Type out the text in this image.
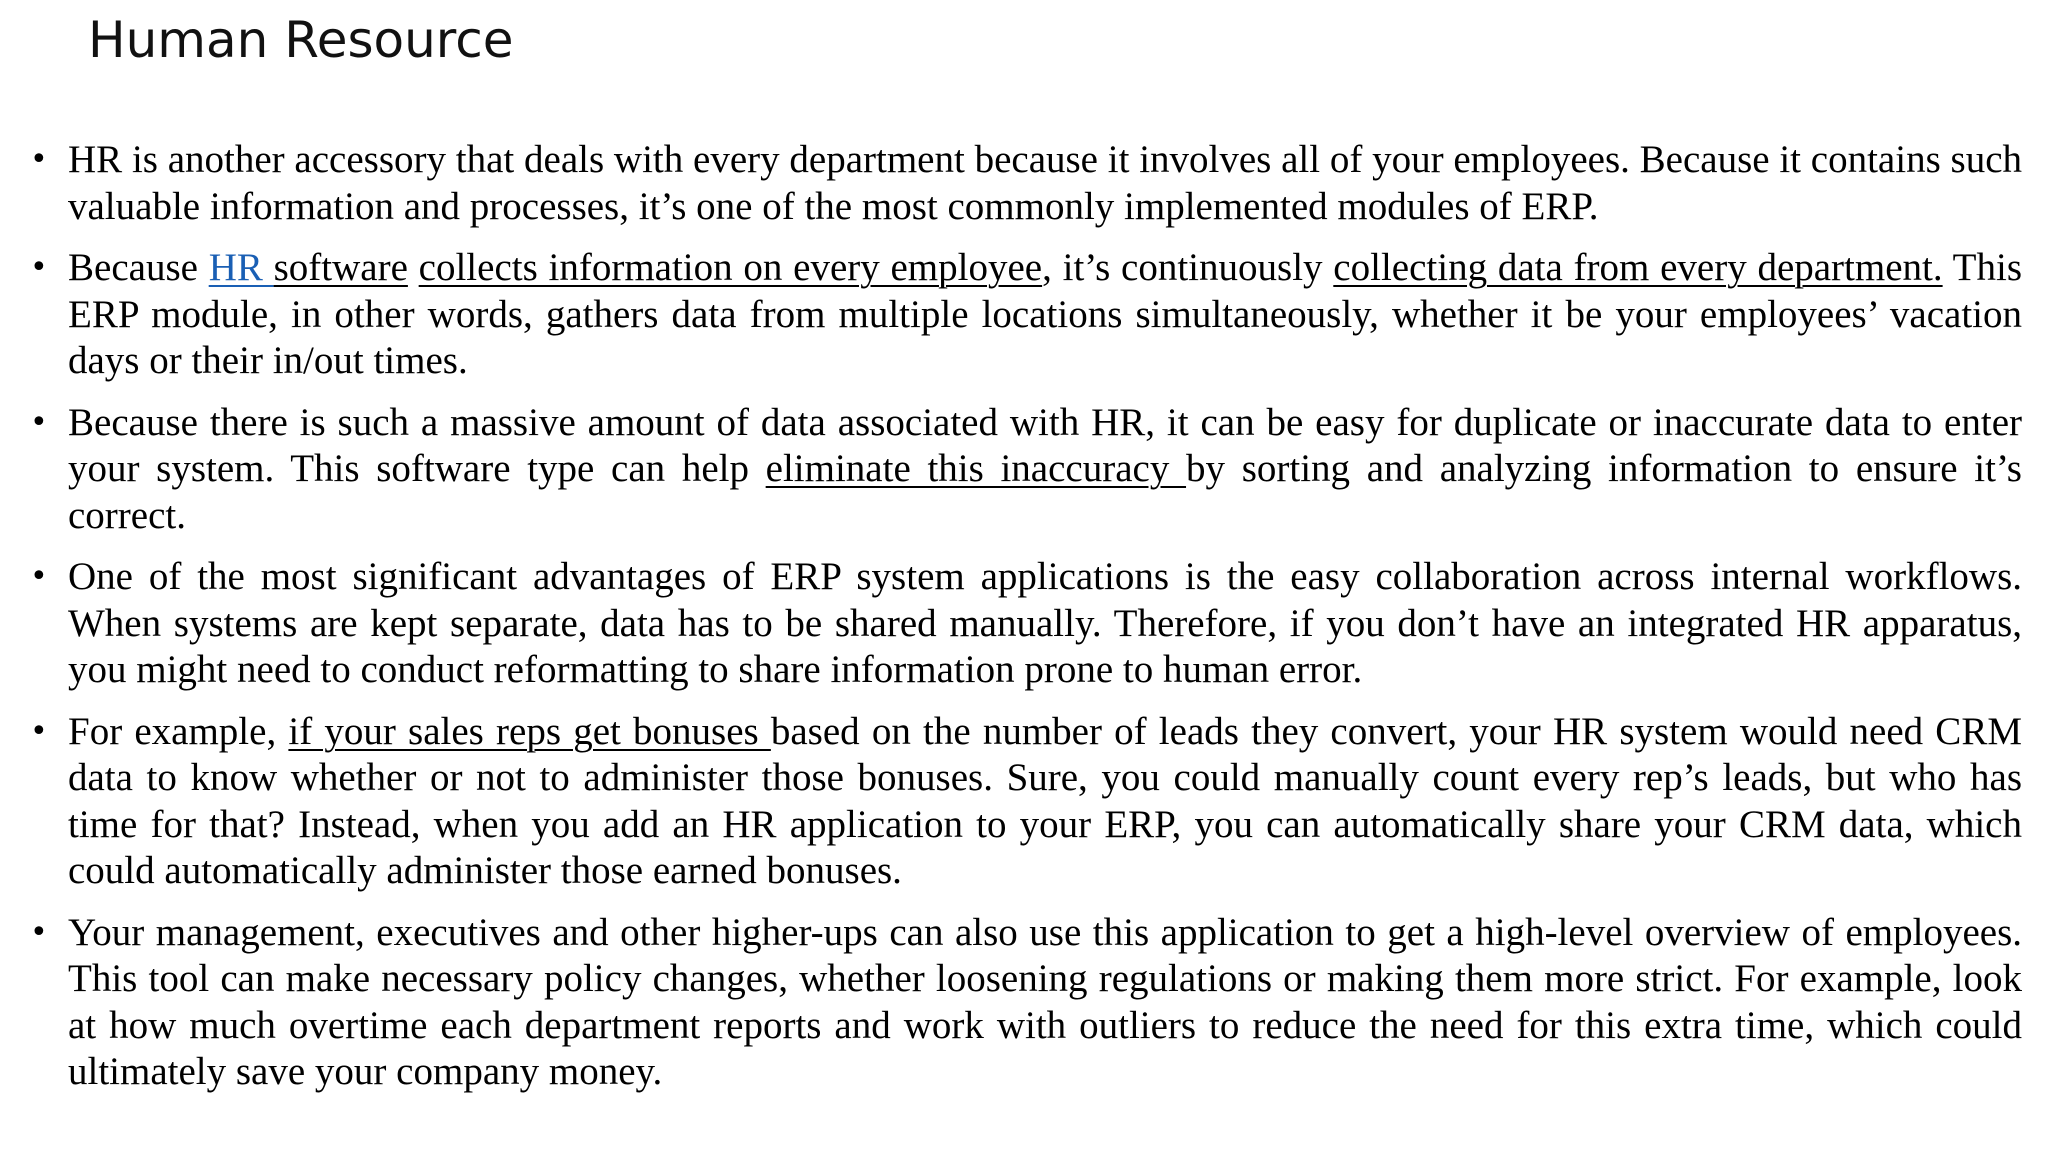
Human Resource
• HR is another accessory that deals with every department because it involves all of your employees. Because it contains such valuable information and processes, it’s one of the most commonly implemented modules of ERP.
• Because HR software collects information on every employee, it’s continuously collecting data from every department. This ERP module, in other words, gathers data from multiple locations simultaneously, whether it be your employees’ vacation days or their in/out times.
• Because there is such a massive amount of data associated with HR, it can be easy for duplicate or inaccurate data to enter your system. This software type can help eliminate this inaccuracy by sorting and analyzing information to ensure it’s correct.
• One of the most significant advantages of ERP system applications is the easy collaboration across internal workflows. When systems are kept separate, data has to be shared manually. Therefore, if you don’t have an integrated HR apparatus, you might need to conduct reformatting to share information prone to human error.
• For example, if your sales reps get bonuses based on the number of leads they convert, your HR system would need CRM data to know whether or not to administer those bonuses. Sure, you could manually count every rep’s leads, but who has time for that? Instead, when you add an HR application to your ERP, you can automatically share your CRM data, which could automatically administer those earned bonuses.
• Your management, executives and other higher-ups can also use this application to get a high-level overview of employees. This tool can make necessary policy changes, whether loosening regulations or making them more strict. For example, look at how much overtime each department reports and work with outliers to reduce the need for this extra time, which could ultimately save your company money.
